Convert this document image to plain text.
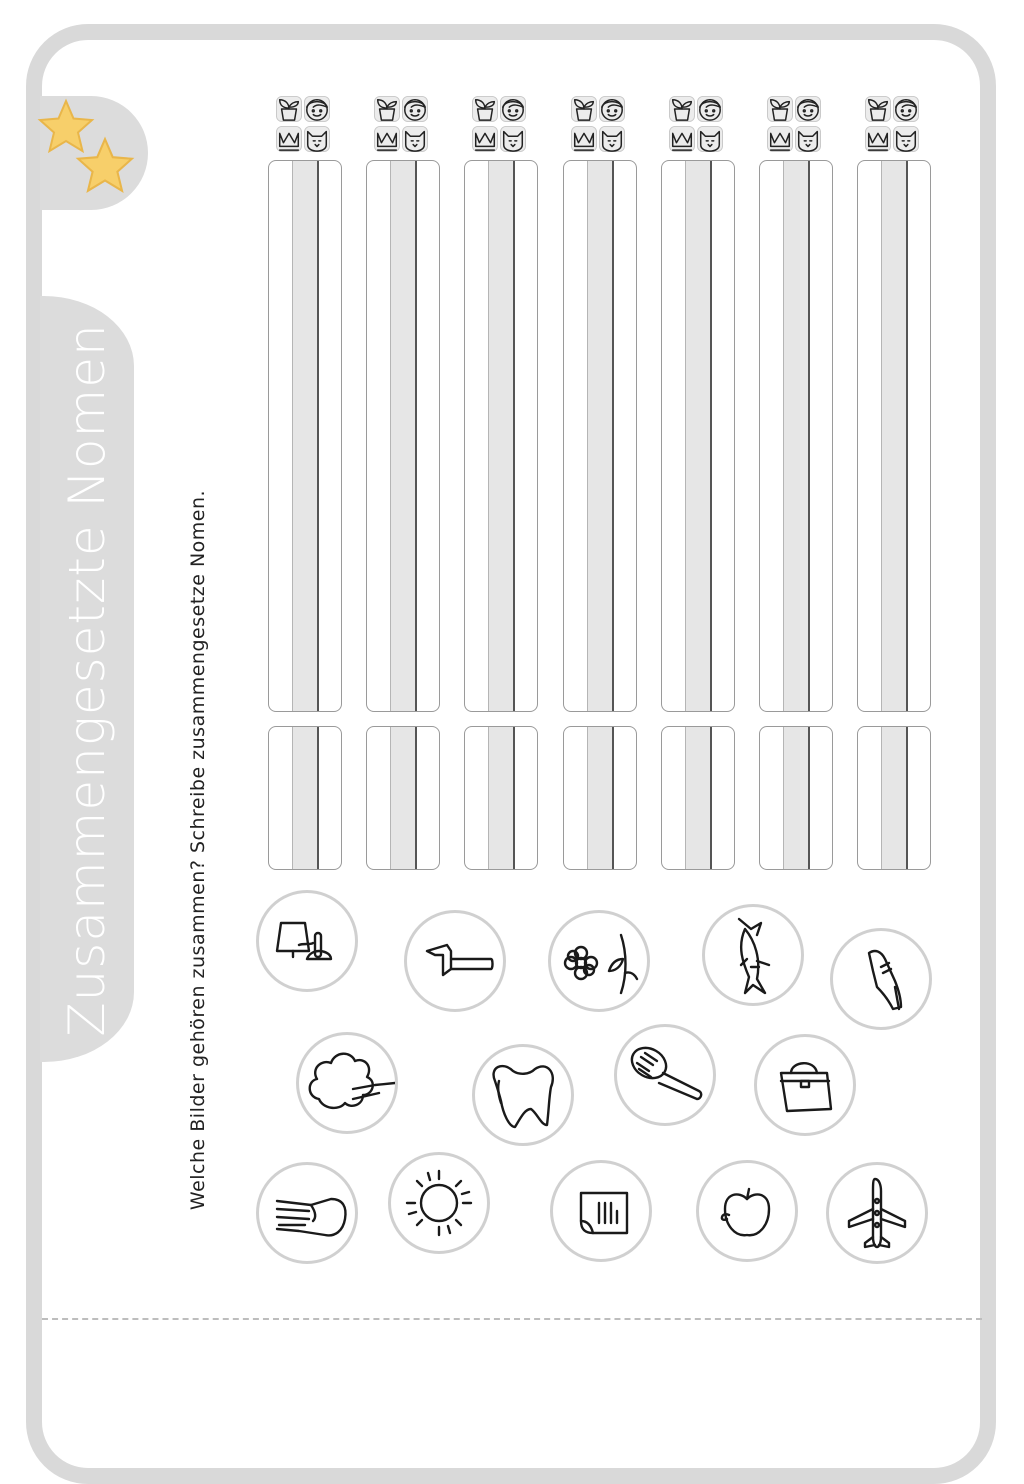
Zusammengesetzte Nomen	Welche Bilder gehören zusammen? Schreibe zusammengesetze Nomen.
